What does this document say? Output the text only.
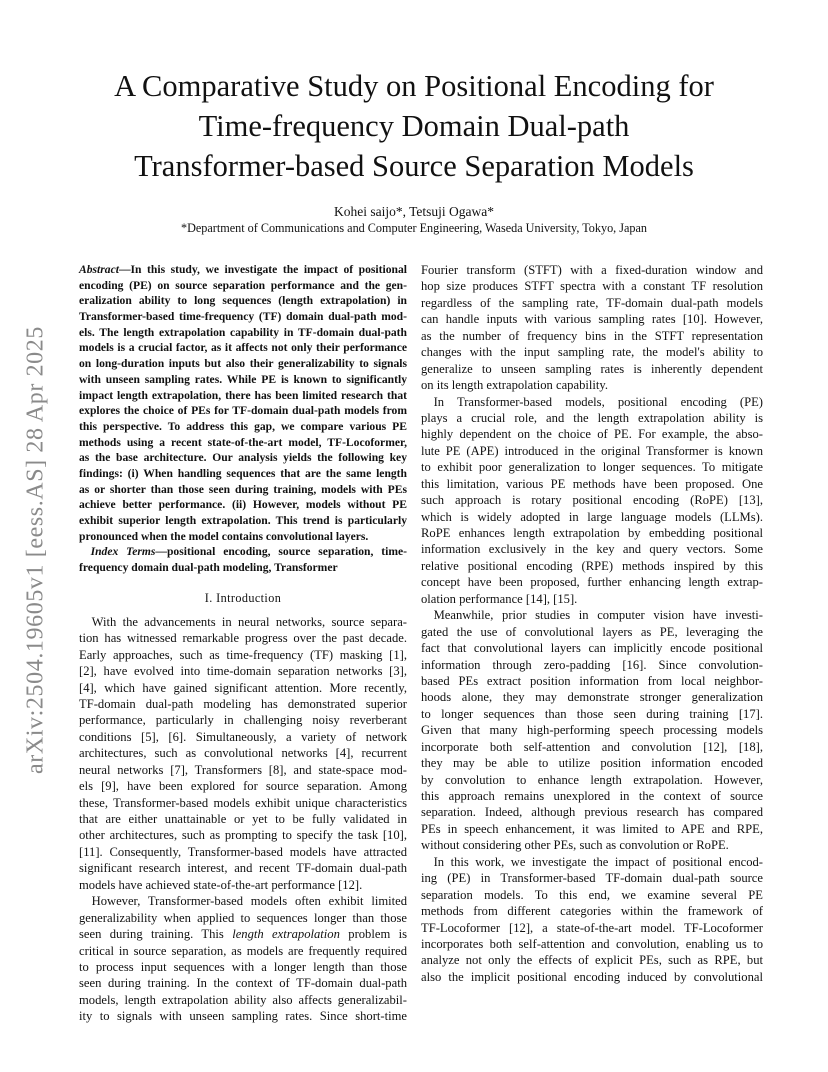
A Comparative Study on Positional Encoding for
Time-frequency Domain Dual-path
Transformer-based Source Separation Models
Kohei saijo*, Tetsuji Ogawa*
*Department of Communications and Computer Engineering, Waseda University, Tokyo, Japan
arXiv:2504.19605v1 [eess.AS] 28 Apr 2025
Abstract—In this study, we investigate the impact of positional
encoding (PE) on source separation performance and the gen-
eralization ability to long sequences (length extrapolation) in
Transformer-based time-frequency (TF) domain dual-path mod-
els. The length extrapolation capability in TF-domain dual-path
models is a crucial factor, as it affects not only their performance
on long-duration inputs but also their generalizability to signals
with unseen sampling rates. While PE is known to significantly
impact length extrapolation, there has been limited research that
explores the choice of PEs for TF-domain dual-path models from
this perspective. To address this gap, we compare various PE
methods using a recent state-of-the-art model, TF-Locoformer,
as the base architecture. Our analysis yields the following key
findings: (i) When handling sequences that are the same length
as or shorter than those seen during training, models with PEs
achieve better performance. (ii) However, models without PE
exhibit superior length extrapolation. This trend is particularly
pronounced when the model contains convolutional layers.
 Index Terms—positional encoding, source separation, time-
frequency domain dual-path modeling, Transformer
I. Introduction
 With the advancements in neural networks, source separa-
tion has witnessed remarkable progress over the past decade.
Early approaches, such as time-frequency (TF) masking [1],
[2], have evolved into time-domain separation networks [3],
[4], which have gained significant attention. More recently,
TF-domain dual-path modeling has demonstrated superior
performance, particularly in challenging noisy reverberant
conditions [5], [6]. Simultaneously, a variety of network
architectures, such as convolutional networks [4], recurrent
neural networks [7], Transformers [8], and state-space mod-
els [9], have been explored for source separation. Among
these, Transformer-based models exhibit unique characteristics
that are either unattainable or yet to be fully validated in
other architectures, such as prompting to specify the task [10],
[11]. Consequently, Transformer-based models have attracted
significant research interest, and recent TF-domain dual-path
models have achieved state-of-the-art performance [12].
 However, Transformer-based models often exhibit limited
generalizability when applied to sequences longer than those
seen during training. This length extrapolation problem is
critical in source separation, as models are frequently required
to process input sequences with a longer length than those
seen during training. In the context of TF-domain dual-path
models, length extrapolation ability also affects generalizabil-
ity to signals with unseen sampling rates. Since short-time
Fourier transform (STFT) with a fixed-duration window and
hop size produces STFT spectra with a constant TF resolution
regardless of the sampling rate, TF-domain dual-path models
can handle inputs with various sampling rates [10]. However,
as the number of frequency bins in the STFT representation
changes with the input sampling rate, the model's ability to
generalize to unseen sampling rates is inherently dependent
on its length extrapolation capability.
 In Transformer-based models, positional encoding (PE)
plays a crucial role, and the length extrapolation ability is
highly dependent on the choice of PE. For example, the abso-
lute PE (APE) introduced in the original Transformer is known
to exhibit poor generalization to longer sequences. To mitigate
this limitation, various PE methods have been proposed. One
such approach is rotary positional encoding (RoPE) [13],
which is widely adopted in large language models (LLMs).
RoPE enhances length extrapolation by embedding positional
information exclusively in the key and query vectors. Some
relative positional encoding (RPE) methods inspired by this
concept have been proposed, further enhancing length extrap-
olation performance [14], [15].
 Meanwhile, prior studies in computer vision have investi-
gated the use of convolutional layers as PE, leveraging the
fact that convolutional layers can implicitly encode positional
information through zero-padding [16]. Since convolution-
based PEs extract position information from local neighbor-
hoods alone, they may demonstrate stronger generalization
to longer sequences than those seen during training [17].
Given that many high-performing speech processing models
incorporate both self-attention and convolution [12], [18],
they may be able to utilize position information encoded
by convolution to enhance length extrapolation. However,
this approach remains unexplored in the context of source
separation. Indeed, although previous research has compared
PEs in speech enhancement, it was limited to APE and RPE,
without considering other PEs, such as convolution or RoPE.
 In this work, we investigate the impact of positional encod-
ing (PE) in Transformer-based TF-domain dual-path source
separation models. To this end, we examine several PE
methods from different categories within the framework of
TF-Locoformer [12], a state-of-the-art model. TF-Locoformer
incorporates both self-attention and convolution, enabling us to
analyze not only the effects of explicit PEs, such as RPE, but
also the implicit positional encoding induced by convolutional
